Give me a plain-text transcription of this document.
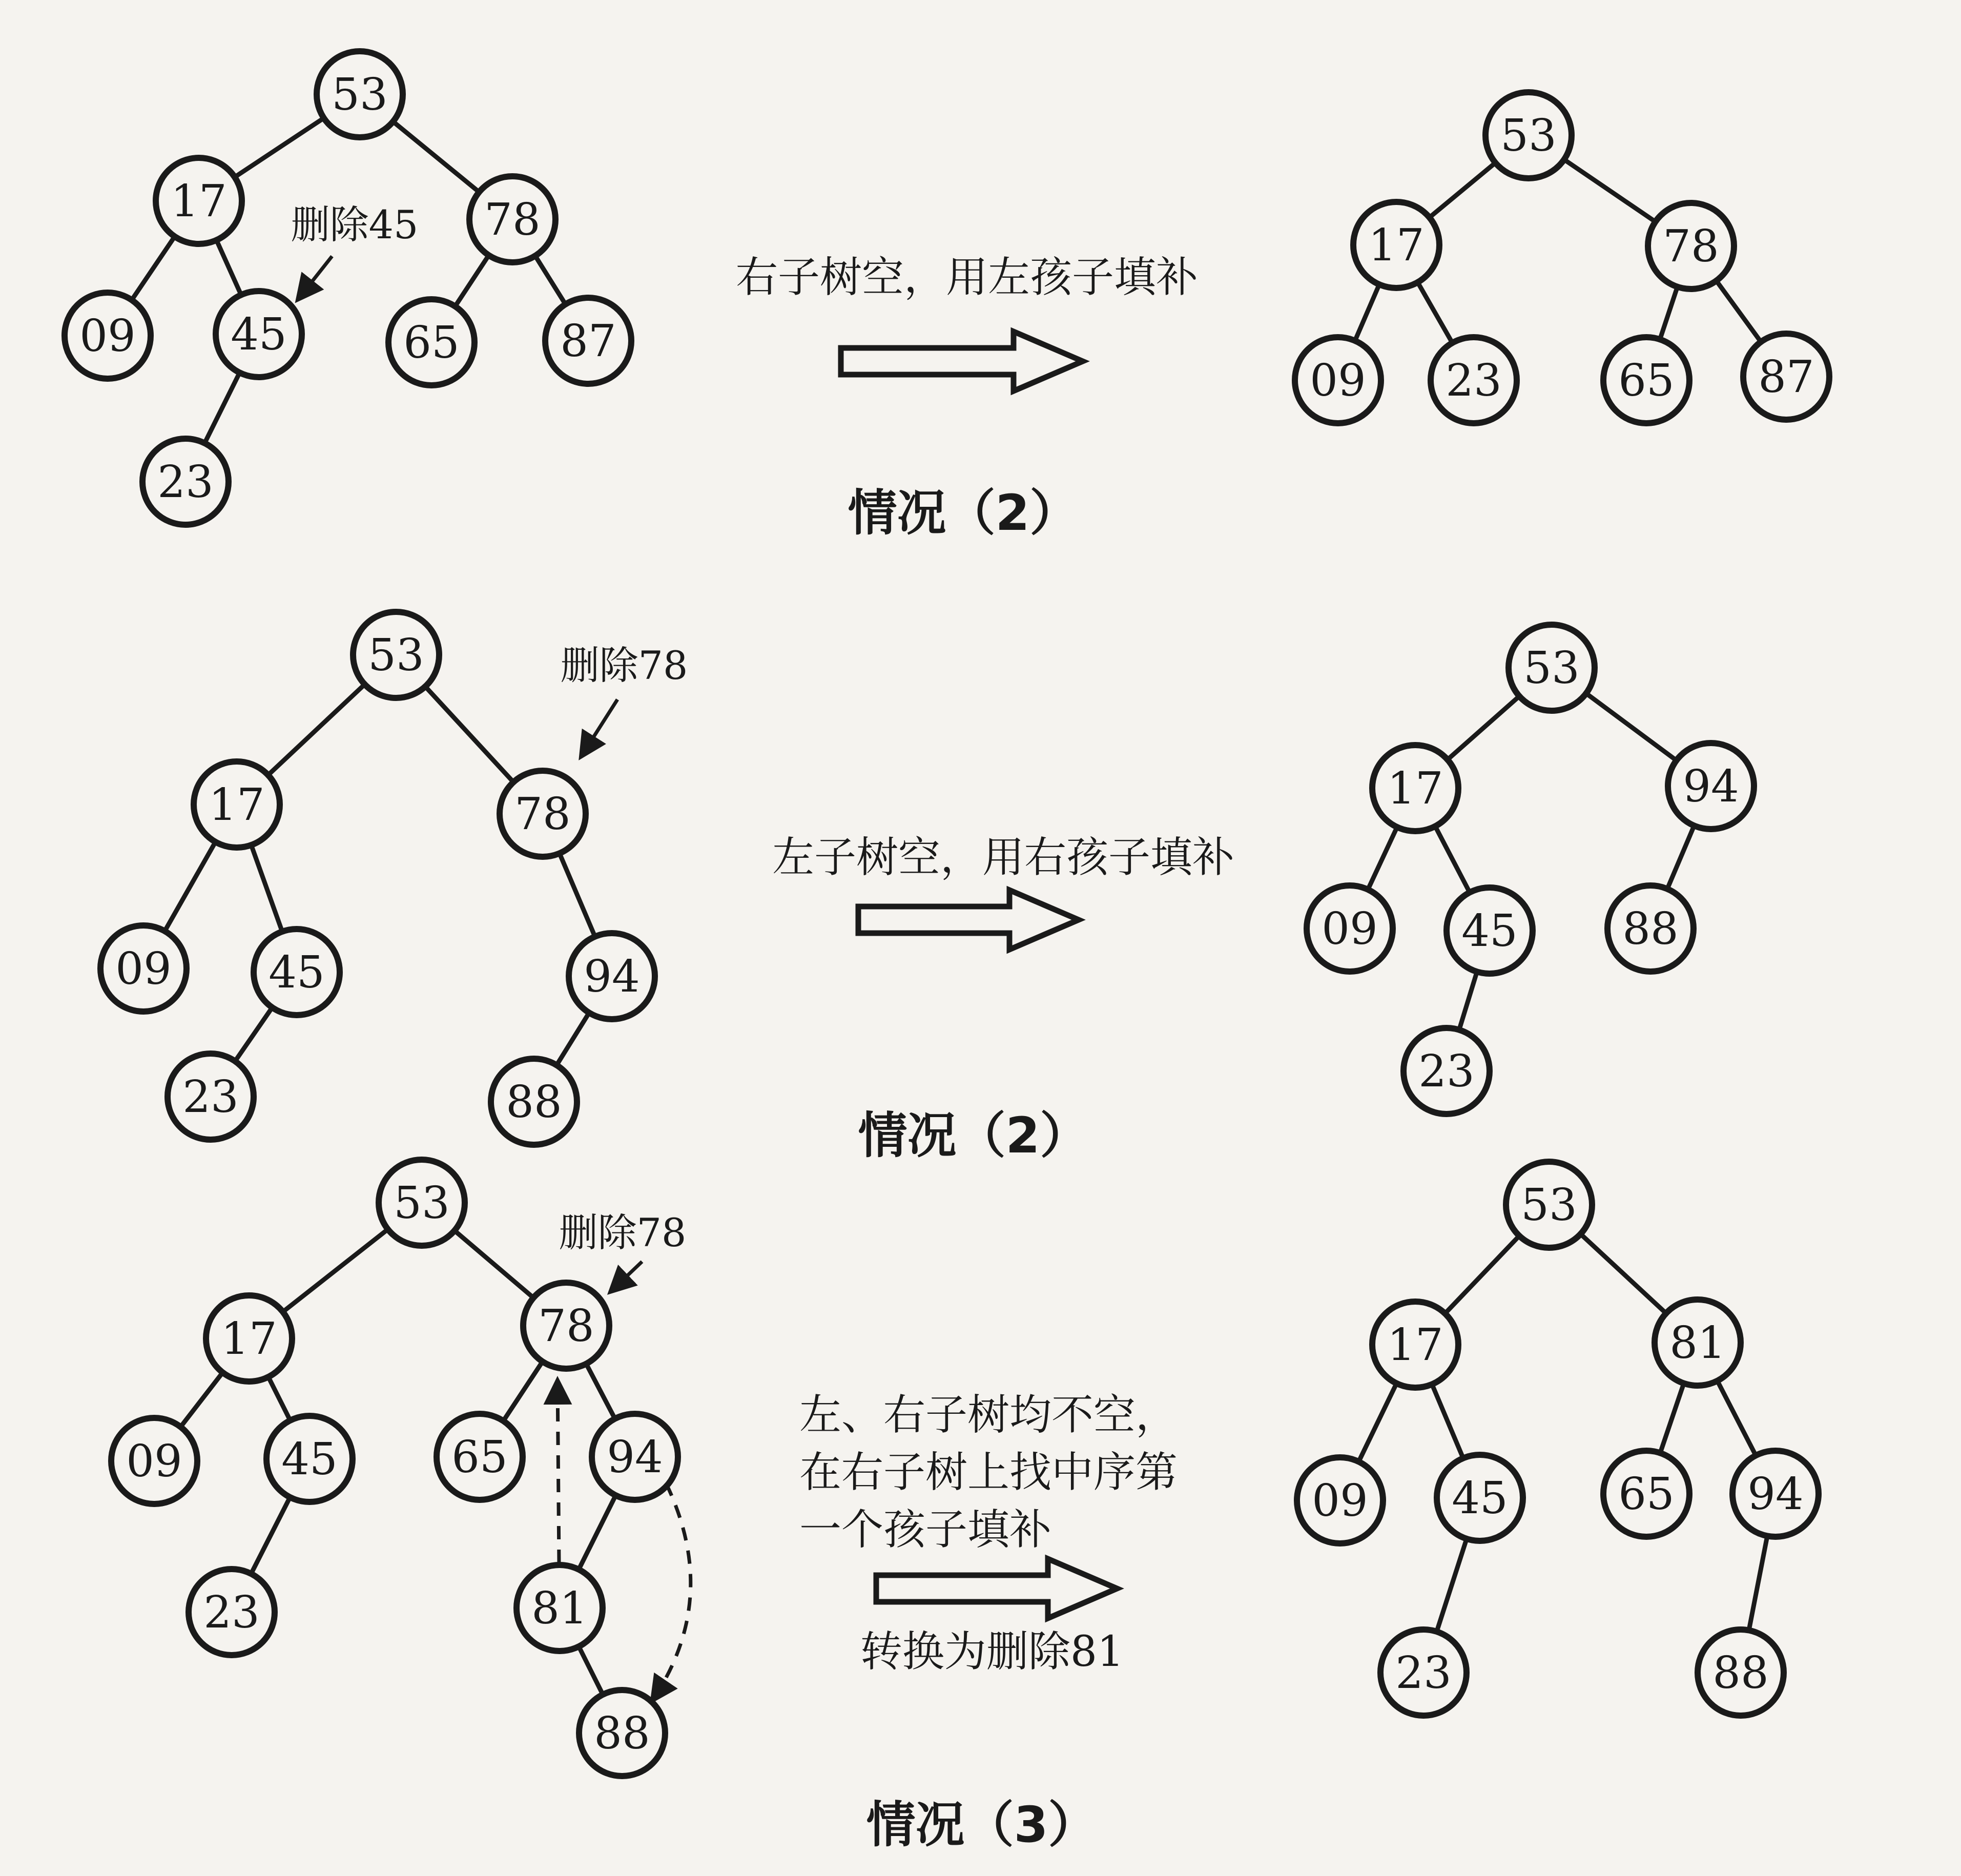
53
17	78
09 45	65 87
23
删除45
53
17	78
09 23	65 87
右子树空，用左孩子填补
情况（2）
53
17	78
09 45	94
23	88
删除78	53
17	94
09 45 88
23
左子树空，用右孩子填补
情况（2）
53
17	78
09 45	65 94
23	81
88
删除78
53
17	81
09 45	65 94
23	88
左、右子树均不空，
在右子树上找中序第
一个孩子填补
转换为删除81
情况（3）
